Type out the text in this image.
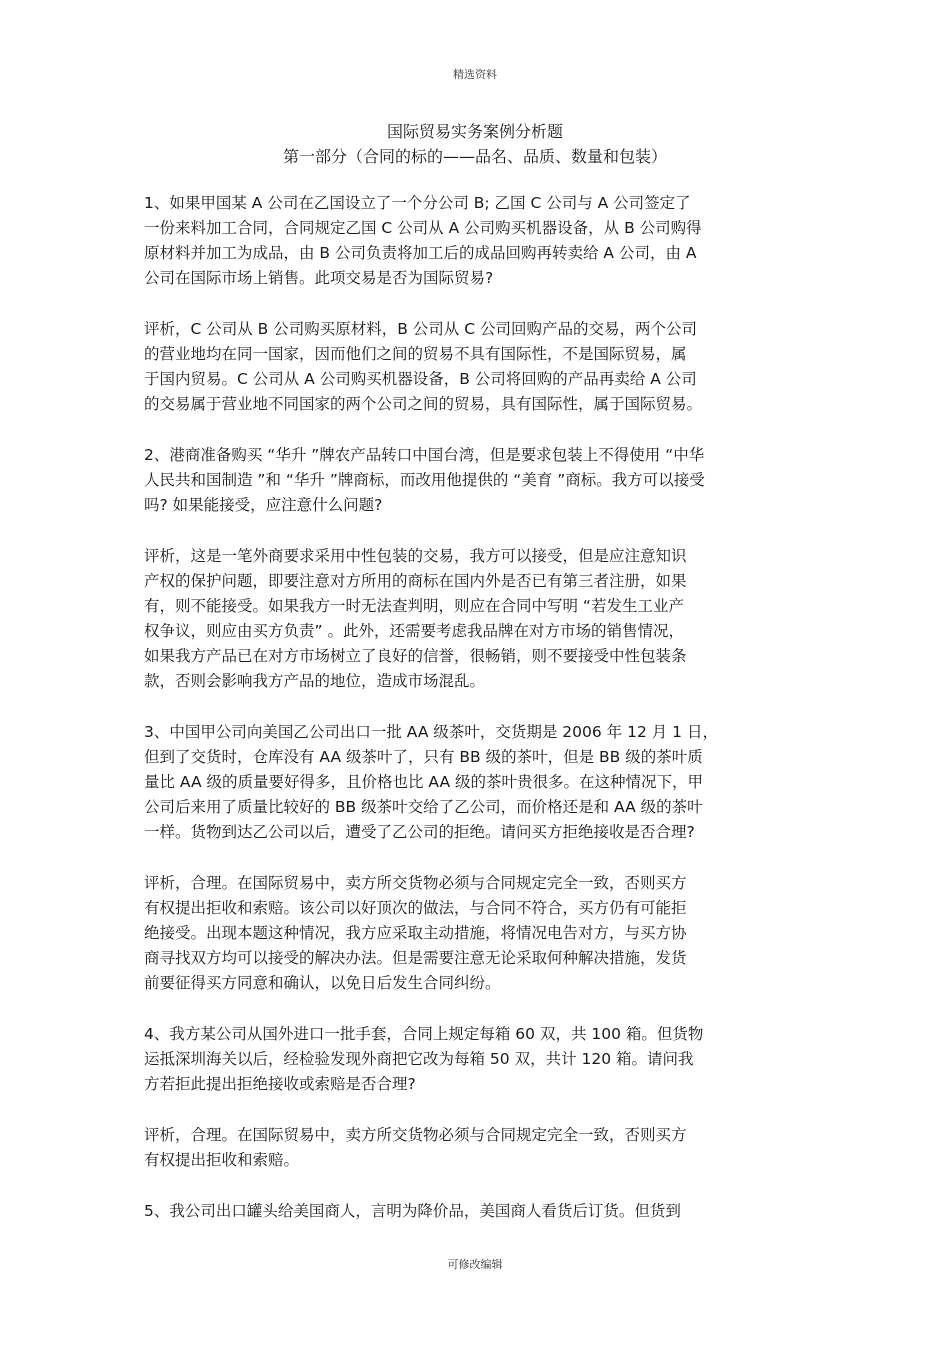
精选资料
国际贸易实务案例分析题
第一部分（合同的标的——品名、品质、数量和包装）
1、如果甲国某 A 公司在乙国设立了一个分公司 B; 乙国 C 公司与 A 公司签定了
一份来料加工合同，合同规定乙国 C 公司从 A 公司购买机器设备，从 B 公司购得
原材料并加工为成品，由 B 公司负责将加工后的成品回购再转卖给 A 公司，由 A
公司在国际市场上销售。此项交易是否为国际贸易?
评析，C 公司从 B 公司购买原材料，B 公司从 C 公司回购产品的交易，两个公司
的营业地均在同一国家，因而他们之间的贸易不具有国际性，不是国际贸易，属
于国内贸易。C 公司从 A 公司购买机器设备，B 公司将回购的产品再卖给 A 公司
的交易属于营业地不同国家的两个公司之间的贸易，具有国际性，属于国际贸易。
2、港商准备购买 “华升 ”牌农产品转口中国台湾，但是要求包装上不得使用 “中华
人民共和国制造 ”和 “华升 ”牌商标，而改用他提供的 “美育 ”商标。我方可以接受
吗? 如果能接受，应注意什么问题?
评析，这是一笔外商要求采用中性包装的交易，我方可以接受，但是应注意知识
产权的保护问题，即要注意对方所用的商标在国内外是否已有第三者注册，如果
有，则不能接受。如果我方一时无法查判明，则应在合同中写明 “若发生工业产
权争议，则应由买方负责” 。此外，还需要考虑我品牌在对方市场的销售情况，
如果我方产品已在对方市场树立了良好的信誉，很畅销，则不要接受中性包装条
款，否则会影响我方产品的地位，造成市场混乱。
3、中国甲公司向美国乙公司出口一批 AA 级茶叶，交货期是 2006 年 12 月 1 日，
但到了交货时，仓库没有 AA 级茶叶了，只有 BB 级的茶叶，但是 BB 级的茶叶质
量比 AA 级的质量要好得多，且价格也比 AA 级的茶叶贵很多。在这种情况下，甲
公司后来用了质量比较好的 BB 级茶叶交给了乙公司，而价格还是和 AA 级的茶叶
一样。货物到达乙公司以后，遭受了乙公司的拒绝。请问买方拒绝接收是否合理?
评析，合理。在国际贸易中，卖方所交货物必须与合同规定完全一致，否则买方
有权提出拒收和索赔。该公司以好顶次的做法，与合同不符合，买方仍有可能拒
绝接受。出现本题这种情况，我方应采取主动措施，将情况电告对方，与买方协
商寻找双方均可以接受的解决办法。但是需要注意无论采取何种解决措施，发货
前要征得买方同意和确认，以免日后发生合同纠纷。
4、我方某公司从国外进口一批手套，合同上规定每箱 60 双，共 100 箱。但货物
运抵深圳海关以后，经检验发现外商把它改为每箱 50 双，共计 120 箱。请问我
方若拒此提出拒绝接收或索赔是否合理?
评析，合理。在国际贸易中，卖方所交货物必须与合同规定完全一致，否则买方
有权提出拒收和索赔。
5、我公司出口罐头给美国商人，言明为降价品，美国商人看货后订货。但货到
可修改编辑
